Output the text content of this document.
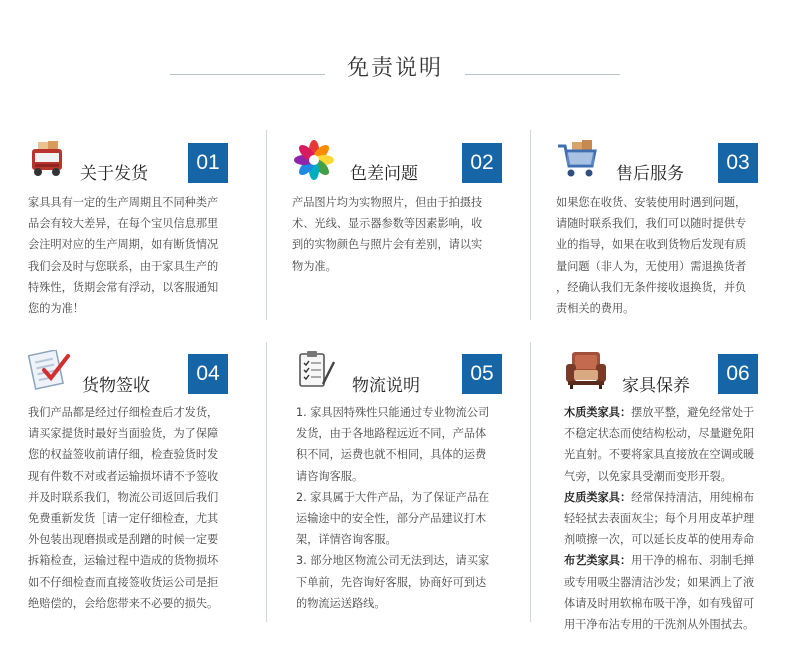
免责说明
关于发货	01

家具具有一定的生产周期且不同种类产

品会有较大差异，在每个宝贝信息那里

会注明对应的生产周期，如有断货情况

我们会及时与您联系，由于家具生产的

特殊性，货期会常有浮动，以客服通知

您的为准！

色差问题	02

产品图片均为实物照片，但由于拍摄技

术、光线、显示器参数等因素影响，收

到的实物颜色与照片会有差别，请以实

物为准。

售后服务	03

如果您在收货、安装使用时遇到问题，

请随时联系我们，我们可以随时提供专

业的指导，如果在收到货物后发现有质

量问题（非人为，无使用）需退换货者

，经确认我们无条件接收退换货，并负

责相关的费用。

货物签收
04

我们产品都是经过仔细检查后才发货，

请买家提货时最好当面验货，为了保障

您的权益签收前请仔细，检查验货时发

现有件数不对或者运输损坏请不予签收

并及时联系我们，物流公司返回后我们

免费重新发货［请一定仔细检查，尤其

外包装出现磨损或是刮蹭的时候一定要

拆箱检查，运输过程中造成的货物损坏

如不仔细检查而直接签收货运公司是拒

绝赔偿的，会给您带来不必要的损失。

物流说明
05

1. 家具因特殊性只能通过专业物流公司

发货，由于各地路程远近不同，产品体

积不同，运费也就不相同，具体的运费

请咨询客服。

2. 家具属于大件产品，为了保证产品在

运输途中的安全性，部分产品建议打木

架，详情咨询客服。

3. 部分地区物流公司无法到达，请买家

下单前，先咨询好客服，协商好可到达

的物流运送路线。

家具保养
06

木质类家具：摆放平整，避免经常处于

不稳定状态而使结构松动，尽量避免阳

光直射。不要将家具直接放在空调或暖

气旁，以免家具受潮而变形开裂。

皮质类家具：经常保持清洁，用纯棉布

轻轻拭去表面灰尘；每个月用皮革护理

剂喷擦一次，可以延长皮革的使用寿命

布艺类家具：用干净的棉布、羽制毛掸

或专用吸尘器清洁沙发；如果洒上了液

体请及时用软棉布吸干净，如有残留可

用干净布沾专用的干洗剂从外围拭去。
